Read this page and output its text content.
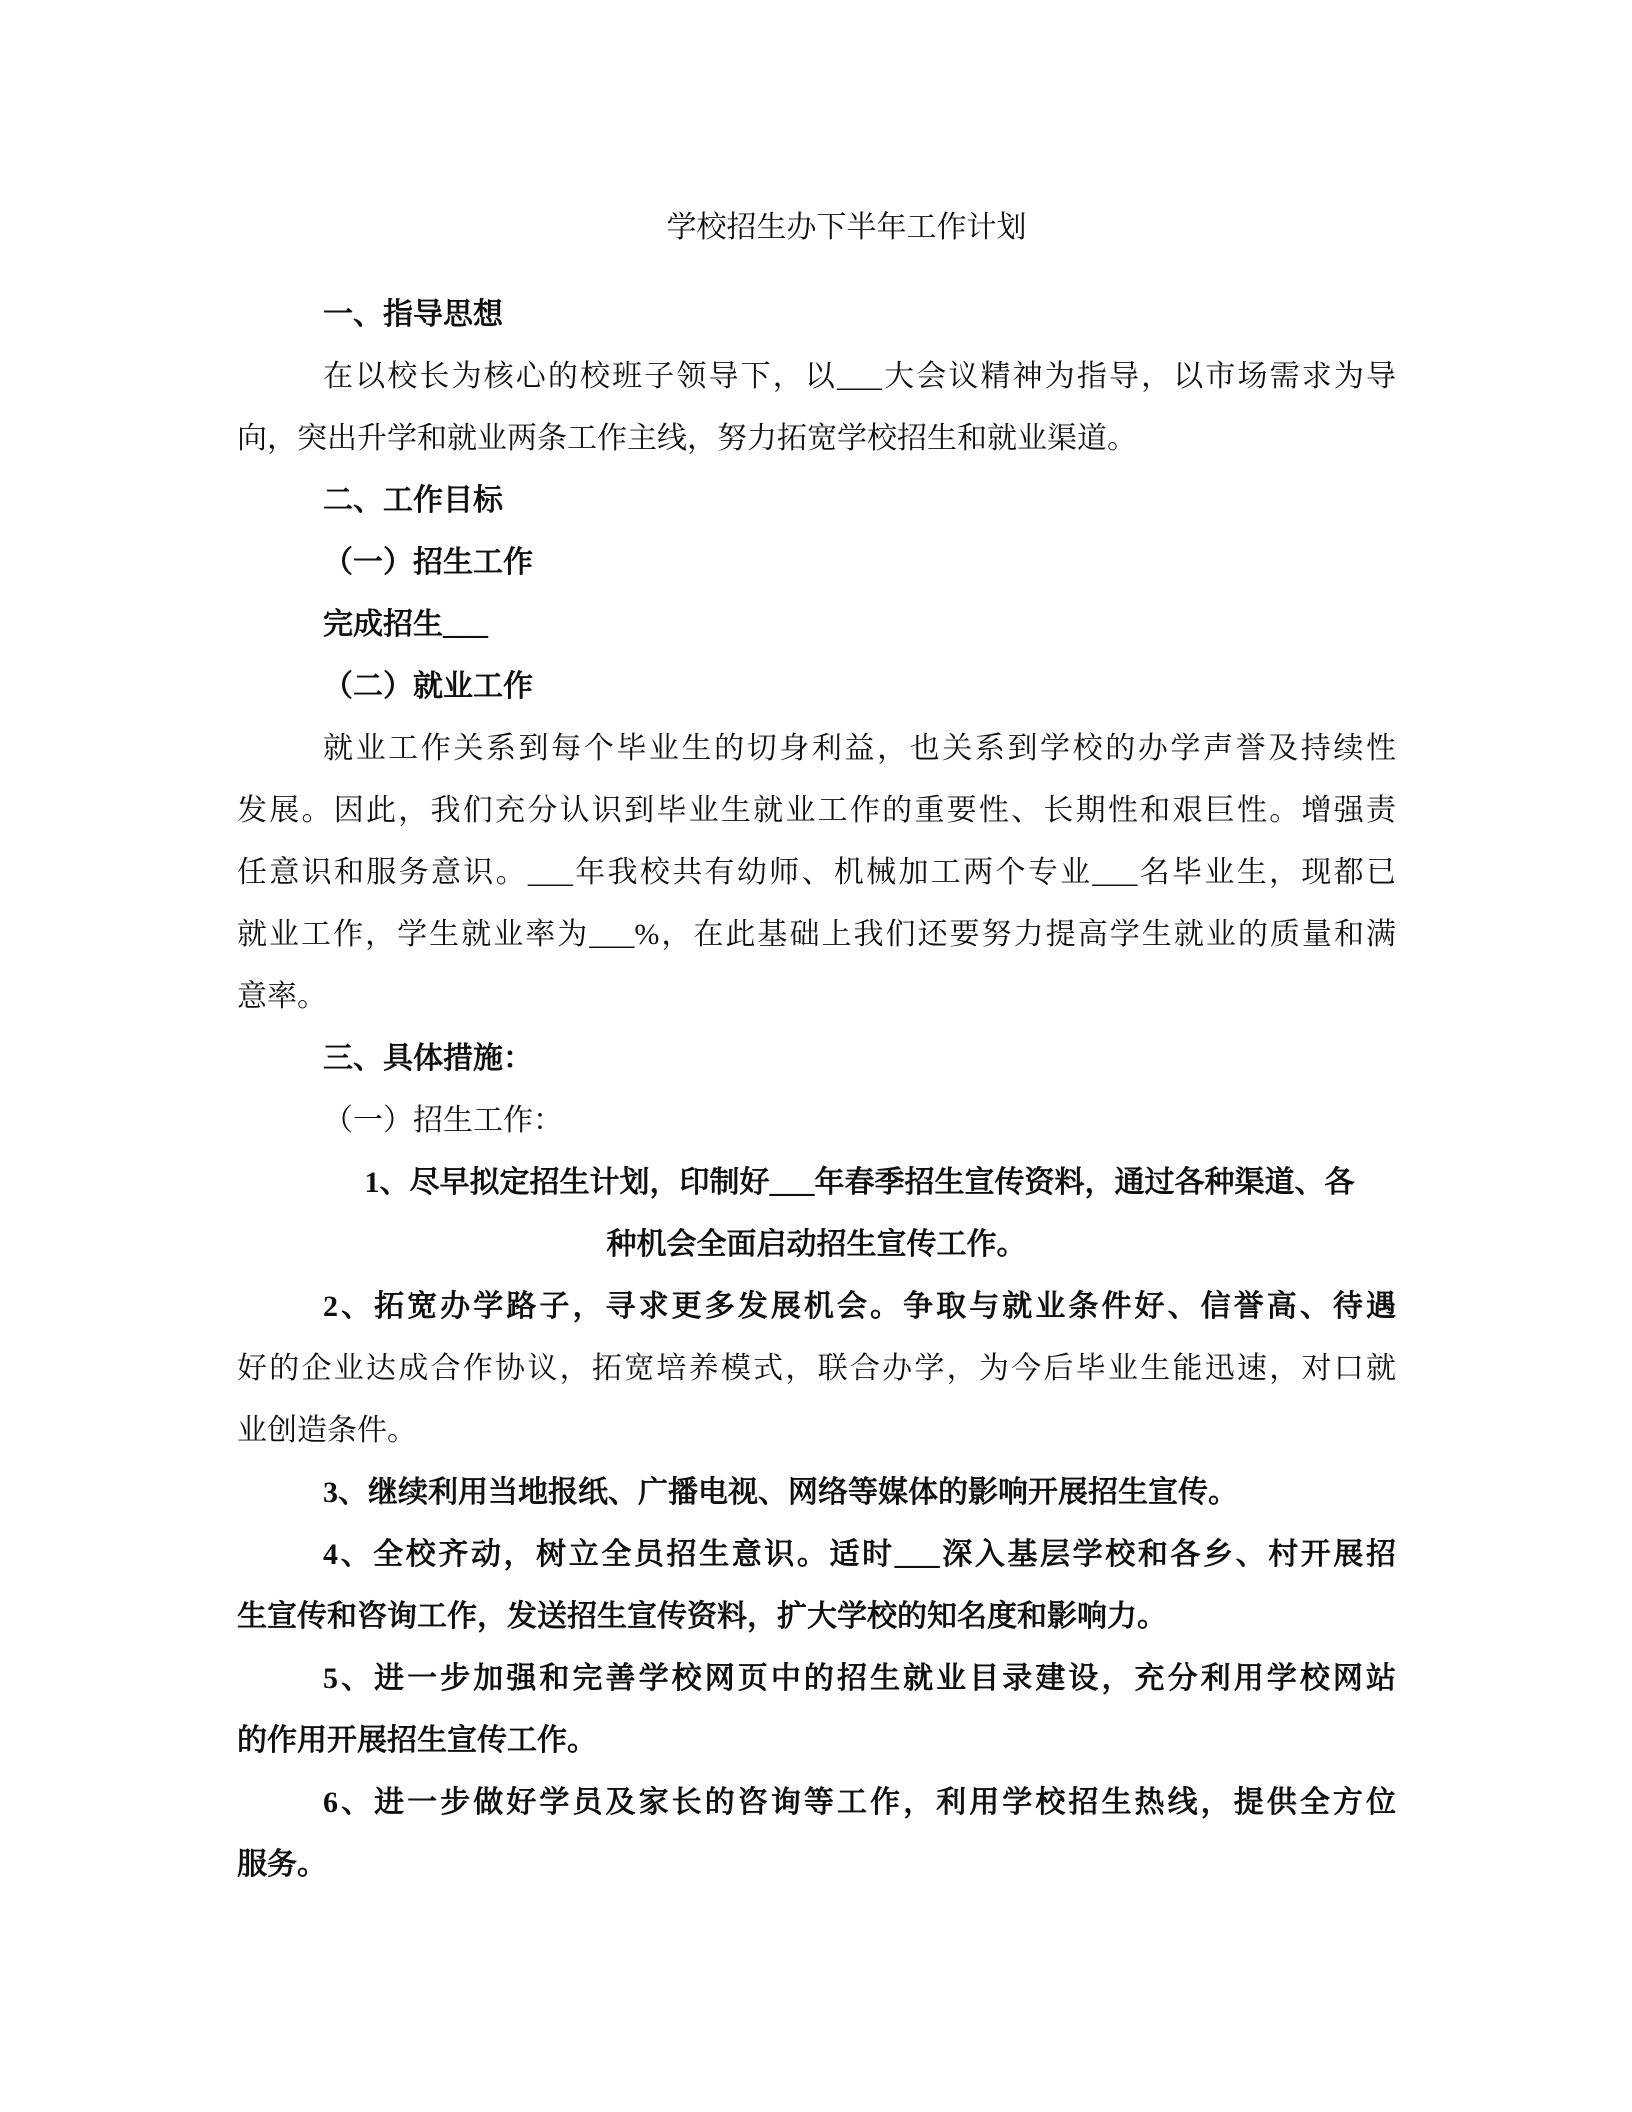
学校招生办下半年工作计划
一、指导思想
在以校长为核心的校班子领导下，以___大会议精神为指导，以市场需求为导
向，突出升学和就业两条工作主线，努力拓宽学校招生和就业渠道。
二、工作目标
（一）招生工作
完成招生___
（二）就业工作
就业工作关系到每个毕业生的切身利益，也关系到学校的办学声誉及持续性
发展。因此，我们充分认识到毕业生就业工作的重要性、长期性和艰巨性。增强责
任意识和服务意识。___年我校共有幼师、机械加工两个专业___名毕业生，现都已
就业工作，学生就业率为___%，在此基础上我们还要努力提高学生就业的质量和满
意率。
三、具体措施：
（一）招生工作：
1、尽早拟定招生计划，印制好___年春季招生宣传资料，通过各种渠道、各
种机会全面启动招生宣传工作。
2、拓宽办学路子，寻求更多发展机会。争取与就业条件好、信誉高、待遇
好的企业达成合作协议，拓宽培养模式，联合办学，为今后毕业生能迅速，对口就
业创造条件。
3、继续利用当地报纸、广播电视、网络等媒体的影响开展招生宣传。
4、全校齐动，树立全员招生意识。适时___深入基层学校和各乡、村开展招
生宣传和咨询工作，发送招生宣传资料，扩大学校的知名度和影响力。
5、进一步加强和完善学校网页中的招生就业目录建设，充分利用学校网站
的作用开展招生宣传工作。
6、进一步做好学员及家长的咨询等工作，利用学校招生热线，提供全方位
服务。
